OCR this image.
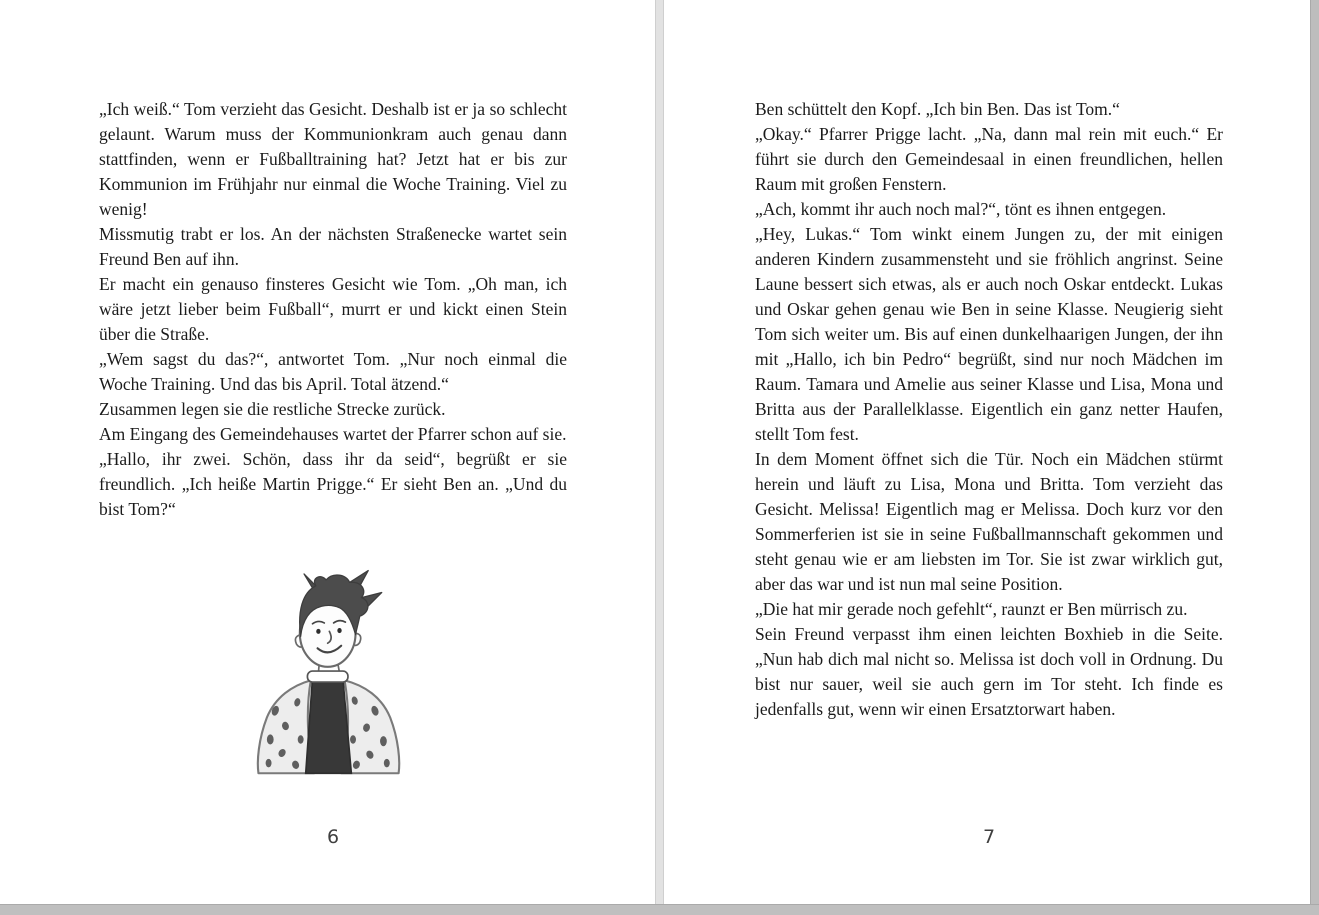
„Ich weiß.“ Tom verzieht das Gesicht. Deshalb ist er ja so schlecht gelaunt. Warum muss der Kommunionkram auch genau dann stattfinden, wenn er Fußballtraining hat? Jetzt hat er bis zur Kommunion im Frühjahr nur einmal die Woche Training. Viel zu wenig!

Missmutig trabt er los. An der nächsten Straßenecke wartet sein Freund Ben auf ihn.

Er macht ein genauso finsteres Gesicht wie Tom. „Oh man, ich wäre jetzt lieber beim Fußball“, murrt er und kickt einen Stein über die Straße.

„Wem sagst du das?“, antwortet Tom. „Nur noch einmal die Woche Training. Und das bis April. Total ätzend.“

Zusammen legen sie die restliche Strecke zurück.

Am Eingang des Gemeindehauses wartet der Pfarrer schon auf sie.

„Hallo, ihr zwei. Schön, dass ihr da seid“, begrüßt er sie freundlich. „Ich heiße Martin Prigge.“ Er sieht Ben an. „Und du bist Tom?“

6

Ben schüttelt den Kopf. „Ich bin Ben. Das ist Tom.“

„Okay.“ Pfarrer Prigge lacht. „Na, dann mal rein mit euch.“ Er führt sie durch den Gemeindesaal in einen freundlichen, hellen Raum mit großen Fenstern.

„Ach, kommt ihr auch noch mal?“, tönt es ihnen entgegen.

„Hey, Lukas.“ Tom winkt einem Jungen zu, der mit einigen anderen Kindern zusammensteht und sie fröhlich angrinst. Seine Laune bessert sich etwas, als er auch noch Oskar entdeckt. Lukas und Oskar gehen genau wie Ben in seine Klasse. Neugierig sieht Tom sich weiter um. Bis auf einen dunkelhaarigen Jungen, der ihn mit „Hallo, ich bin Pedro“ begrüßt, sind nur noch Mädchen im Raum. Tamara und Amelie aus seiner Klasse und Lisa, Mona und Britta aus der Parallelklasse. Eigentlich ein ganz netter Haufen, stellt Tom fest.

In dem Moment öffnet sich die Tür. Noch ein Mädchen stürmt herein und läuft zu Lisa, Mona und Britta. Tom verzieht das Gesicht. Melissa! Eigentlich mag er Melissa. Doch kurz vor den Sommerferien ist sie in seine Fußballmannschaft gekommen und steht genau wie er am liebsten im Tor. Sie ist zwar wirklich gut, aber das war und ist nun mal seine Position.

„Die hat mir gerade noch gefehlt“, raunzt er Ben mürrisch zu.

Sein Freund verpasst ihm einen leichten Boxhieb in die Seite. „Nun hab dich mal nicht so. Melissa ist doch voll in Ordnung. Du bist nur sauer, weil sie auch gern im Tor steht. Ich finde es jedenfalls gut, wenn wir einen Ersatztorwart haben.

7
